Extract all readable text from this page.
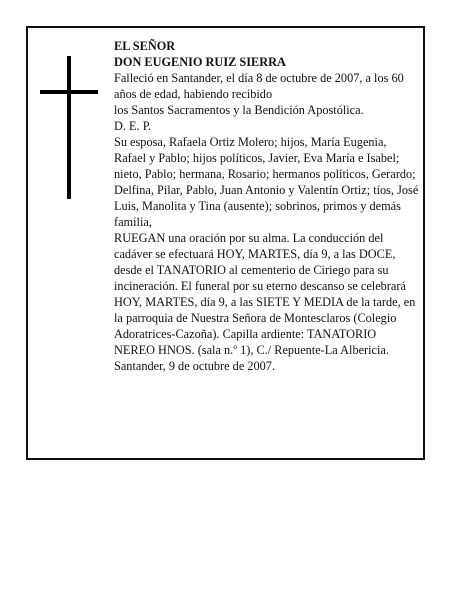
EL SEÑOR

DON EUGENIO RUIZ SIERRA

Falleció en Santander, el día 8 de octubre de 2007, a los 60 años de edad, habiendo recibido

los Santos Sacramentos y la Bendición Apostólica.

D. E. P.

Su esposa, Rafaela Ortiz Molero; hijos, María Eugenia, Rafael y Pablo; hijos políticos, Javier, Eva María e Isabel; nieto, Pablo; hermana, Rosario; hermanos políticos, Gerardo; Delfina, Pilar, Pablo, Juan Antonio y Valentín Ortiz; tíos, José Luis, Manolita y Tina (ausente); sobrinos, primos y demás familia,

RUEGAN una oración por su alma. La conducción del cadáver se efectuará HOY, MARTES, día 9, a las DOCE, desde el TANATORIO al cementerio de Ciriego para su incineración. El funeral por su eterno descanso se celebrará HOY, MARTES, día 9, a las SIETE Y MEDIA de la tarde, en la parroquia de Nuestra Señora de Montesclaros (Colegio Adoratrices-Cazoña). Capilla ardiente: TANATORIO NEREO HNOS. (sala n.º 1), C./ Repuente-La Albericia.

Santander, 9 de octubre de 2007.
